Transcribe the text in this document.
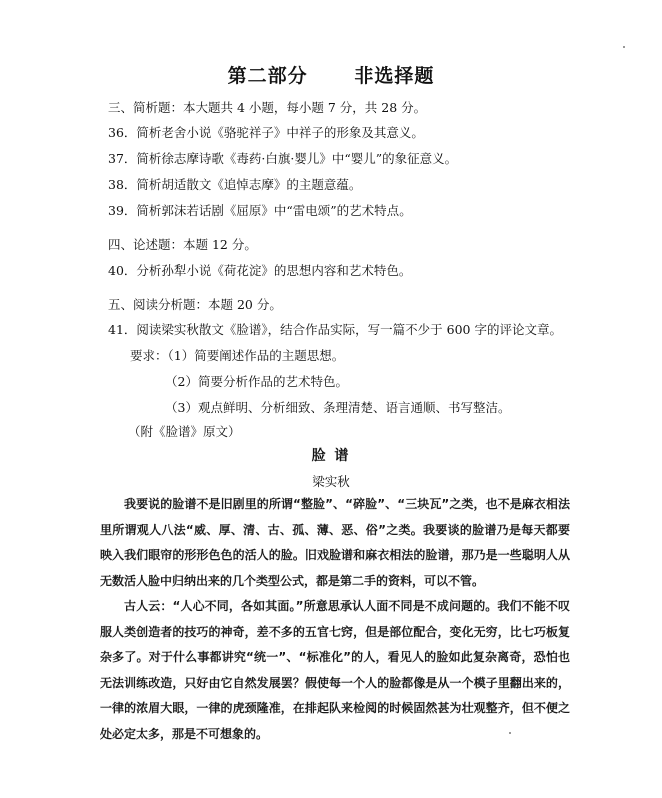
第二部分   非选择题
三、简析题：本大题共 4 小题，每小题 7 分，共 28 分。
36．简析老舍小说《骆驼祥子》中祥子的形象及其意义。
37．简析徐志摩诗歌《毒药·白旗·婴儿》中“婴儿”的象征意义。
38．简析胡适散文《追悼志摩》的主题意蕴。
39．简析郭沫若话剧《屈原》中“雷电颂”的艺术特点。
四、论述题：本题 12 分。
40．分析孙犁小说《荷花淀》的思想内容和艺术特色。
五、阅读分析题：本题 20 分。
41．阅读梁实秋散文《脸谱》，结合作品实际，写一篇不少于 600 字的评论文章。
要求：（1）简要阐述作品的主题思想。
（2）简要分析作品的艺术特色。
（3）观点鲜明、分析细致、条理清楚、语言通顺、书写整洁。
（附《脸谱》原文）
脸 谱
梁实秋
我要说的脸谱不是旧剧里的所谓“整脸”、“碎脸”、“三块瓦”之类，也不是麻衣相法里所谓观人八法“威、厚、清、古、孤、薄、恶、俗”之类。我要谈的脸谱乃是每天都要映入我们眼帘的形形色色的活人的脸。旧戏脸谱和麻衣相法的脸谱，那乃是一些聪明人从无数活人脸中归纳出来的几个类型公式，都是第二手的资料，可以不管。
古人云：“人心不同，各如其面。”所意思承认人面不同是不成问题的。我们不能不叹服人类创造者的技巧的神奇，差不多的五官七窍，但是部位配合，变化无穷，比七巧板复杂多了。对于什么事都讲究“统一”、“标准化”的人，看见人的脸如此复杂离奇，恐怕也无法训练改造，只好由它自然发展罢？假使每一个人的脸都像是从一个模子里翻出来的，一律的浓眉大眼，一律的虎颈隆准，在排起队来检阅的时候固然甚为壮观整齐，但不便之处必定太多，那是不可想象的。
